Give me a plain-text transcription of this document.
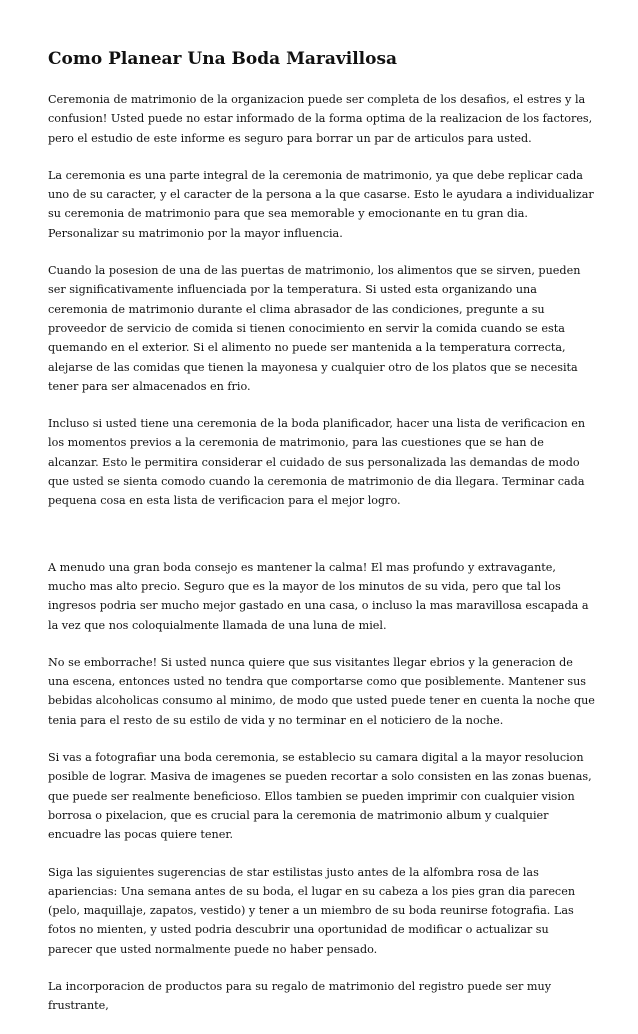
Como Planear Una Boda Maravillosa

Ceremonia de matrimonio de la organizacion puede ser completa de los desafios, el estres y la confusion! Usted puede no estar informado de la forma optima de la realizacion de los factores, pero el estudio de este informe es seguro para borrar un par de articulos para usted.

La ceremonia es una parte integral de la ceremonia de matrimonio, ya que debe replicar cada uno de su caracter, y el caracter de la persona a la que casarse. Esto le ayudara a individualizar su ceremonia de matrimonio para que sea memorable y emocionante en tu gran dia. Personalizar su matrimonio por la mayor influencia.

Cuando la posesion de una de las puertas de matrimonio, los alimentos que se sirven, pueden ser significativamente influenciada por la temperatura. Si usted esta organizando una ceremonia de matrimonio durante el clima abrasador de las condiciones, pregunte a su proveedor de servicio de comida si tienen conocimiento en servir la comida cuando se esta quemando en el exterior. Si el alimento no puede ser mantenida a la temperatura correcta, alejarse de las comidas que tienen la mayonesa y cualquier otro de los platos que se necesita tener para ser almacenados en frio.

Incluso si usted tiene una ceremonia de la boda planificador, hacer una lista de verificacion en los momentos previos a la ceremonia de matrimonio, para las cuestiones que se han de alcanzar. Esto le permitira considerar el cuidado de sus personalizada las demandas de modo que usted se sienta comodo cuando la ceremonia de matrimonio de dia llegara. Terminar cada pequena cosa en esta lista de verificacion para el mejor logro.

A menudo una gran boda consejo es mantener la calma! El mas profundo y extravagante, mucho mas alto precio. Seguro que es la mayor de los minutos de su vida, pero que tal los ingresos podria ser mucho mejor gastado en una casa, o incluso la mas maravillosa escapada a la vez que nos coloquialmente llamada de una luna de miel.

No se emborrache! Si usted nunca quiere que sus visitantes llegar ebrios y la generacion de una escena, entonces usted no tendra que comportarse como que posiblemente. Mantener sus bebidas alcoholicas consumo al minimo, de modo que usted puede tener en cuenta la noche que tenia para el resto de su estilo de vida y no terminar en el noticiero de la noche.

Si vas a fotografiar una boda ceremonia, se establecio su camara digital a la mayor resolucion posible de lograr. Masiva de imagenes se pueden recortar a solo consisten en las zonas buenas, que puede ser realmente beneficioso. Ellos tambien se pueden imprimir con cualquier vision borrosa o pixelacion, que es crucial para la ceremonia de matrimonio album y cualquier encuadre las pocas quiere tener.

Siga las siguientes sugerencias de star estilistas justo antes de la alfombra rosa de las apariencias: Una semana antes de su boda, el lugar en su cabeza a los pies gran dia parecen (pelo, maquillaje, zapatos, vestido) y tener a un miembro de su boda reunirse fotografia. Las fotos no mienten, y usted podria descubrir una oportunidad de modificar o actualizar su parecer que usted normalmente puede no haber pensado.

La incorporacion de productos para su regalo de matrimonio del registro puede ser muy frustrante,
